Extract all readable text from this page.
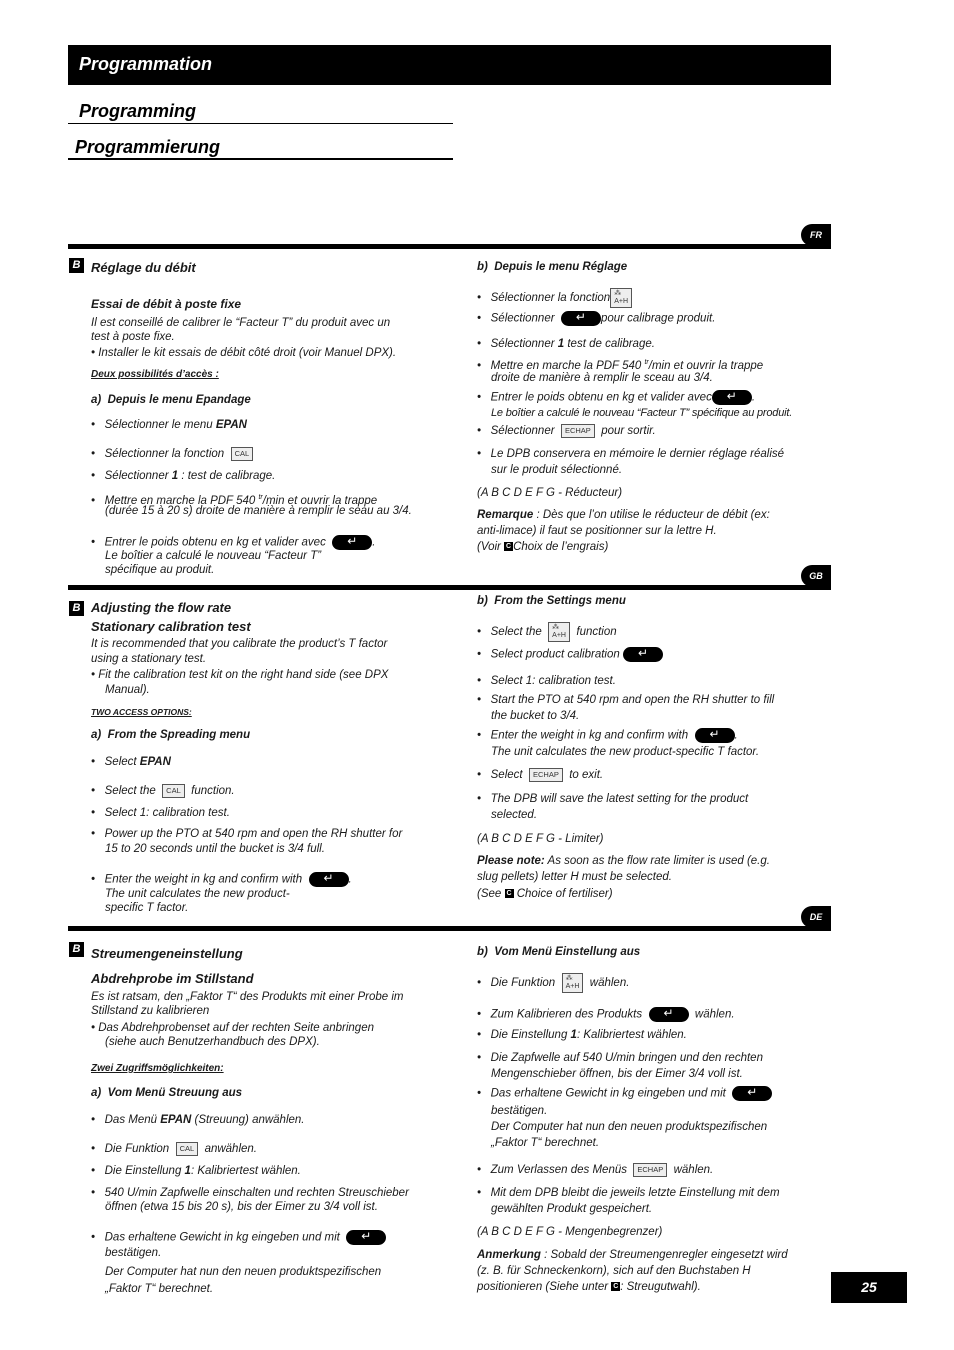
Programmation
Programming
Programmierung
FR
B Réglage du débit
Essai de débit à poste fixe
Il est conseillé de calibrer le “Facteur T” du produit avec un
test à poste fixe.
• Installer le kit essais de débit côté droit (voir Manuel DPX).
Deux possibilités d’accès :
a) Depuis le menu Epandage
•   Sélectionner le menu EPAN
•   Sélectionner la fonction CAL
•   Sélectionner 1 : test de calibrage.
•   Mettre en marche la PDF 540 $^{tr}$/min et ouvrir la trappe
(durée 15 à 20 s) droite de manière à remplir le seau au 3/4.
•   Entrer le poids obtenu en kg et valider avec ↵	.
Le boîtier a calculé le nouveau “Facteur T”
spécifique au produit.
b) Depuis le menu Réglage
•   Sélectionner la fonction ⁂
A+H
•   Sélectionner ↵	pour calibrage produit.
•   Sélectionner 1 test de calibrage.
•   Mettre en marche la PDF 540 $^{tr}$/min et ouvrir la trappe
droite de manière à remplir le sceau au 3/4.
•   Entrer le poids obtenu en kg et valider avec ↵	.
Le boîtier a calculé le nouveau “Facteur T” spécifique au produit.
•   Sélectionner ECHAP pour sortir.
•   Le DPB conservera en mémoire le dernier réglage réalisé
sur le produit sélectionné.
(A B C D E F G - Réducteur)
Remarque : Dès que l’on utilise le réducteur de débit (ex:
anti-limace) il faut se positionner sur la lettre H.
(Voir C Choix de l’engrais)
GB
B Adjusting the flow rate
Stationary calibration test
It is recommended that you calibrate the product’s T factor
using a stationary test.
• Fit the calibration test kit on the right hand side (see DPX
Manual).
TWO ACCESS OPTIONS:
a) From the Spreading menu
•   Select EPAN
•   Select the CAL function.
•   Select 1: calibration test.
•   Power up the PTO at 540 rpm and open the RH shutter for
15 to 20 seconds until the bucket is 3/4 full.
•   Enter the weight in kg and confirm with ↵	.
The unit calculates the new product-
specific T factor.
b) From the Settings menu
•   Select the ⁂
A+H function
•   Select product calibration ↵
•   Select 1: calibration test.
•   Start the PTO at 540 rpm and open the RH shutter to fill
the bucket to 3/4.
•   Enter the weight in kg and confirm with ↵	.
The unit calculates the new product-specific T factor.
•   Select ECHAP to exit.
•   The DPB will save the latest setting for the product
selected.
(A B C D E F G - Limiter)
Please note: As soon as the flow rate limiter is used (e.g.
slug pellets) letter H must be selected.
(See C Choice of fertiliser)
DE
B Streumengeneinstellung
Abdrehprobe im Stillstand
Es ist ratsam, den „Faktor T“ des Produkts mit einer Probe im
Stillstand zu kalibrieren
• Das Abdrehprobenset auf der rechten Seite anbringen
(siehe auch Benutzerhandbuch des DPX).
Zwei Zugriffsmöglichkeiten:
a) Vom Menü Streuung aus
•   Das Menü EPAN (Streuung) anwählen.
•   Die Funktion CAL anwählen.
•   Die Einstellung 1: Kalibriertest wählen.
•   540 U/min Zapfwelle einschalten und rechten Streuschieber
öffnen (etwa 15 bis 20 s), bis der Eimer zu 3/4 voll ist.
•   Das erhaltene Gewicht in kg eingeben und mit  ↵
bestätigen.
Der Computer hat nun den neuen produktspezifischen
„Faktor T“ berechnet.
b) Vom Menü Einstellung aus
•   Die Funktion ⁂
A+H wählen.
•   Zum Kalibrieren des Produkts ↵	wählen.
•   Die Einstellung 1: Kalibriertest wählen.
•   Die Zapfwelle auf 540 U/min bringen und den rechten
Mengenschieber öffnen, bis der Eimer 3/4 voll ist.
•   Das erhaltene Gewicht in kg eingeben und mit  ↵
bestätigen.
Der Computer hat nun den neuen produktspezifischen
„Faktor T“ berechnet.
•   Zum Verlassen des Menüs ECHAP wählen.
•   Mit dem DPB bleibt die jeweils letzte Einstellung mit dem
gewählten Produkt gespeichert.
(A B C D E F G - Mengenbegrenzer)
Anmerkung : Sobald der Streumengenregler eingesetzt wird
(z. B. für Schneckenkorn), sich auf den Buchstaben H
positionieren (Siehe unter C : Streugutwahl).	25
